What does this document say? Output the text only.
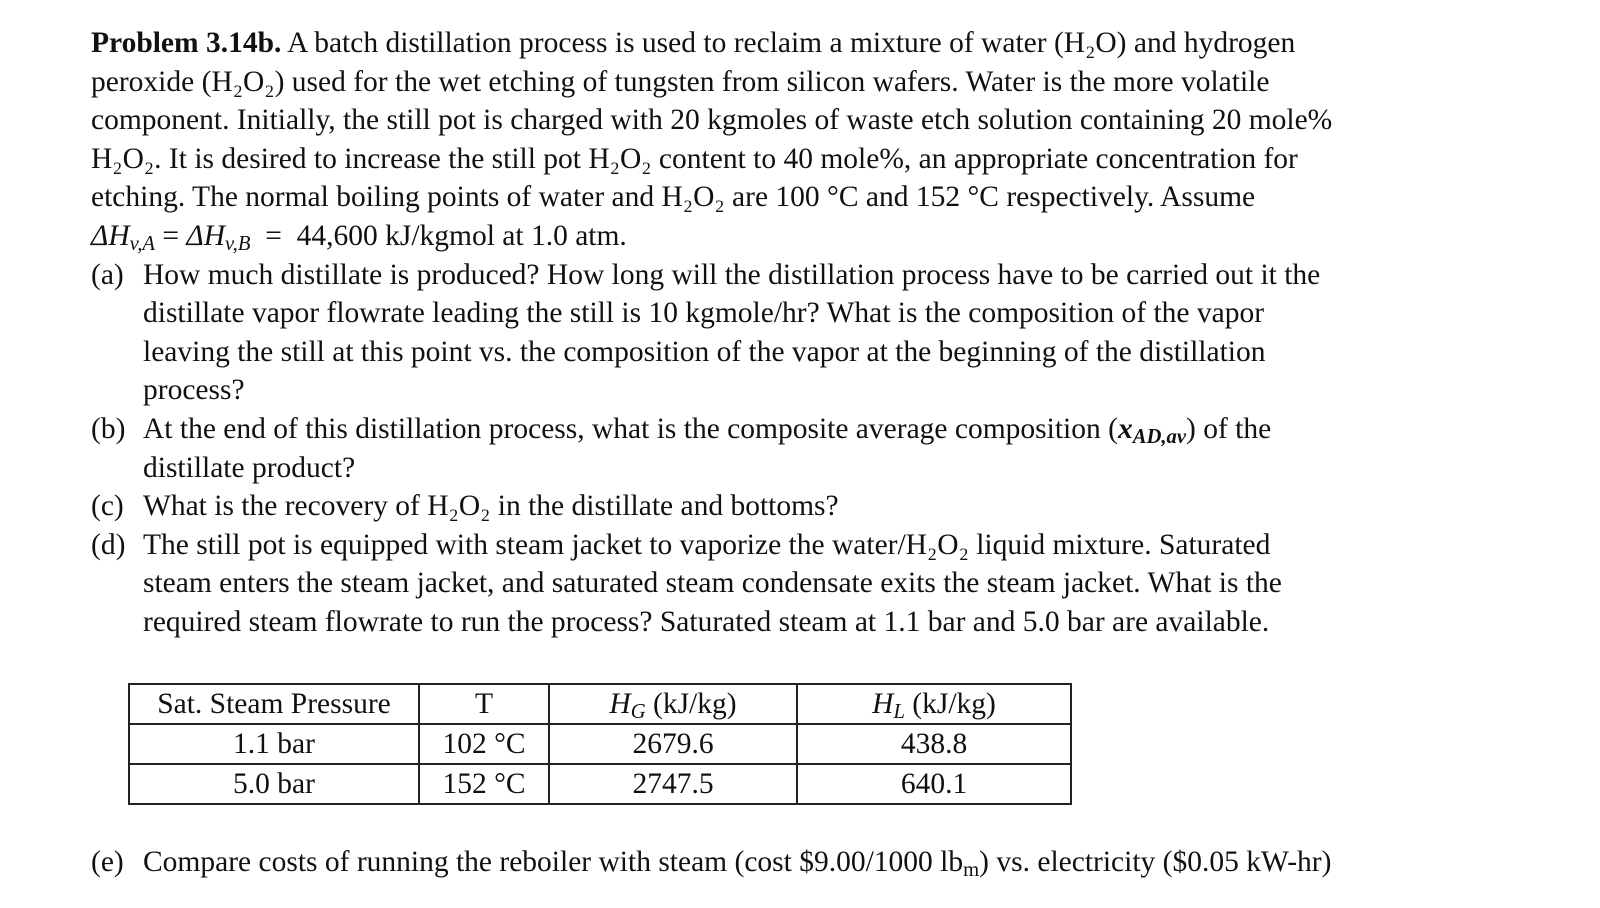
Problem 3.14b. A batch distillation process is used to reclaim a mixture of water (H₂O) and hydrogen
peroxide (H₂O₂) used for the wet etching of tungsten from silicon wafers. Water is the more volatile
component. Initially, the still pot is charged with 20 kgmoles of waste etch solution containing 20 mole%
H₂O₂. It is desired to increase the still pot H₂O₂ content to 40 mole%, an appropriate concentration for
etching. The normal boiling points of water and H₂O₂ are 100 °C and 152 °C respectively. Assume
$\Delta H_{v,A} = \Delta H_{v,B} = 44,600$ kJ/kgmol at 1.0 atm.
(a) How much distillate is produced? How long will the distillation process have to be carried out it the
distillate vapor flowrate leading the still is 10 kgmole/hr? What is the composition of the vapor
leaving the still at this point vs. the composition of the vapor at the beginning of the distillation
process?
(b) At the end of this distillation process, what is the composite average composition $(x_{AD,av})$ of the
distillate product?
(c) What is the recovery of H₂O₂ in the distillate and bottoms?
(d) The still pot is equipped with steam jacket to vaporize the water/H₂O₂ liquid mixture. Saturated
steam enters the steam jacket, and saturated steam condensate exits the steam jacket. What is the
required steam flowrate to run the process? Saturated steam at 1.1 bar and 5.0 bar are available.
Sat. Steam Pressure	T	$H_G$ (kJ/kg)	$H_L$ (kJ/kg)
1.1 bar	102 °C	2679.6	438.8
5.0 bar	152 °C	2747.5	640.1
(e) Compare costs of running the reboiler with steam (cost $9.00/1000 $lb_m$) vs. electricity ($0.05 kW-hr)
